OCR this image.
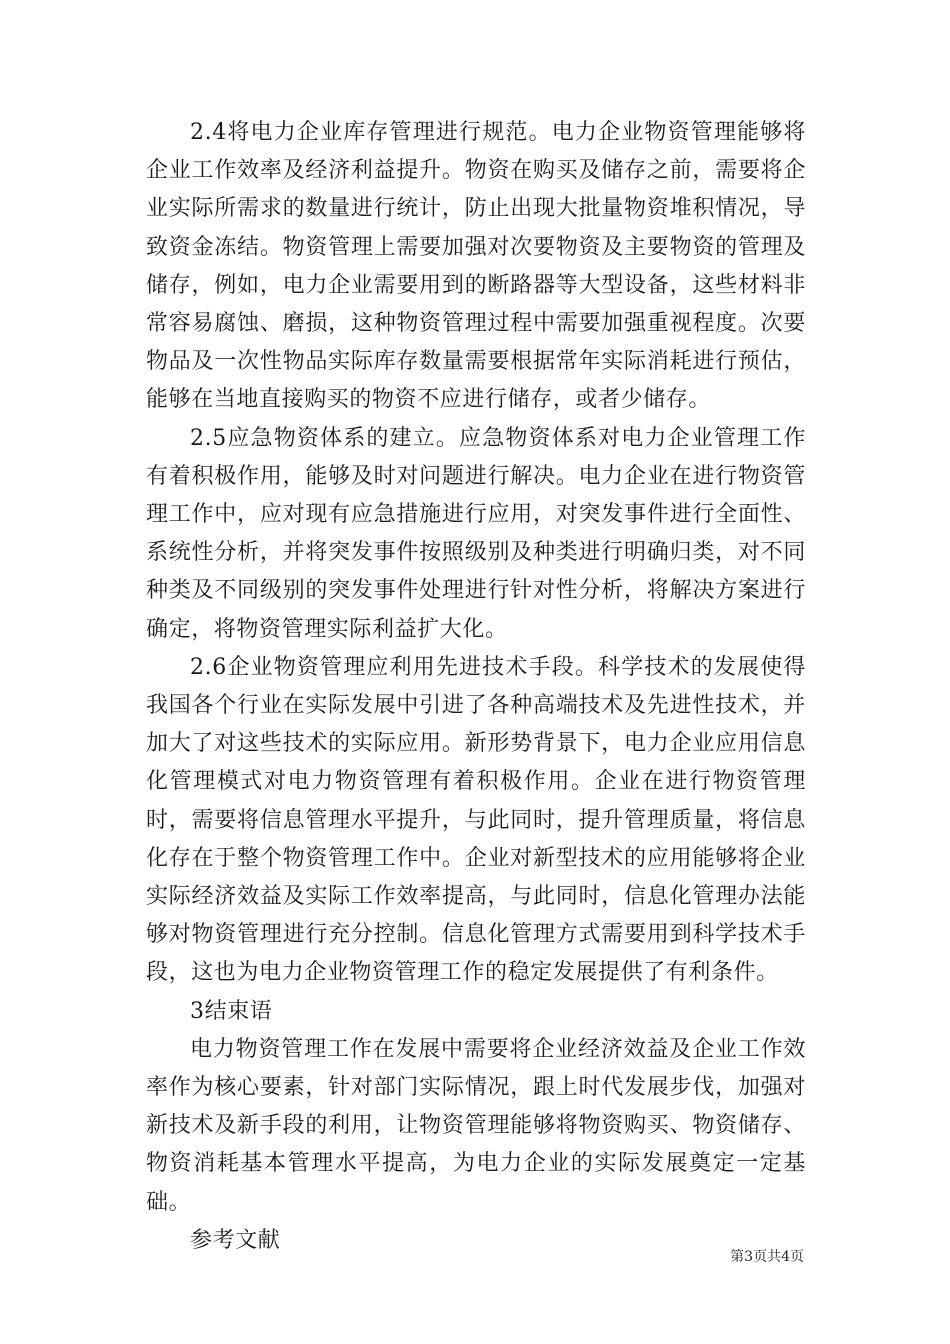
2.4将电力企业库存管理进行规范。电力企业物资管理能够将企业工作效率及经济利益提升。物资在购买及储存之前，需要将企业实际所需求的数量进行统计，防止出现大批量物资堆积情况，导致资金冻结。物资管理上需要加强对次要物资及主要物资的管理及储存，例如，电力企业需要用到的断路器等大型设备，这些材料非常容易腐蚀、磨损，这种物资管理过程中需要加强重视程度。次要物品及一次性物品实际库存数量需要根据常年实际消耗进行预估，能够在当地直接购买的物资不应进行储存，或者少储存。

2.5应急物资体系的建立。应急物资体系对电力企业管理工作有着积极作用，能够及时对问题进行解决。电力企业在进行物资管理工作中，应对现有应急措施进行应用，对突发事件进行全面性、系统性分析，并将突发事件按照级别及种类进行明确归类，对不同种类及不同级别的突发事件处理进行针对性分析，将解决方案进行确定，将物资管理实际利益扩大化。

2.6企业物资管理应利用先进技术手段。科学技术的发展使得我国各个行业在实际发展中引进了各种高端技术及先进性技术，并加大了对这些技术的实际应用。新形势背景下，电力企业应用信息化管理模式对电力物资管理有着积极作用。企业在进行物资管理时，需要将信息管理水平提升，与此同时，提升管理质量，将信息化存在于整个物资管理工作中。企业对新型技术的应用能够将企业实际经济效益及实际工作效率提高，与此同时，信息化管理办法能够对物资管理进行充分控制。信息化管理方式需要用到科学技术手段，这也为电力企业物资管理工作的稳定发展提供了有利条件。

3结束语

电力物资管理工作在发展中需要将企业经济效益及企业工作效率作为核心要素，针对部门实际情况，跟上时代发展步伐，加强对新技术及新手段的利用，让物资管理能够将物资购买、物资储存、物资消耗基本管理水平提高，为电力企业的实际发展奠定一定基础。

参考文献

第3页共4页
